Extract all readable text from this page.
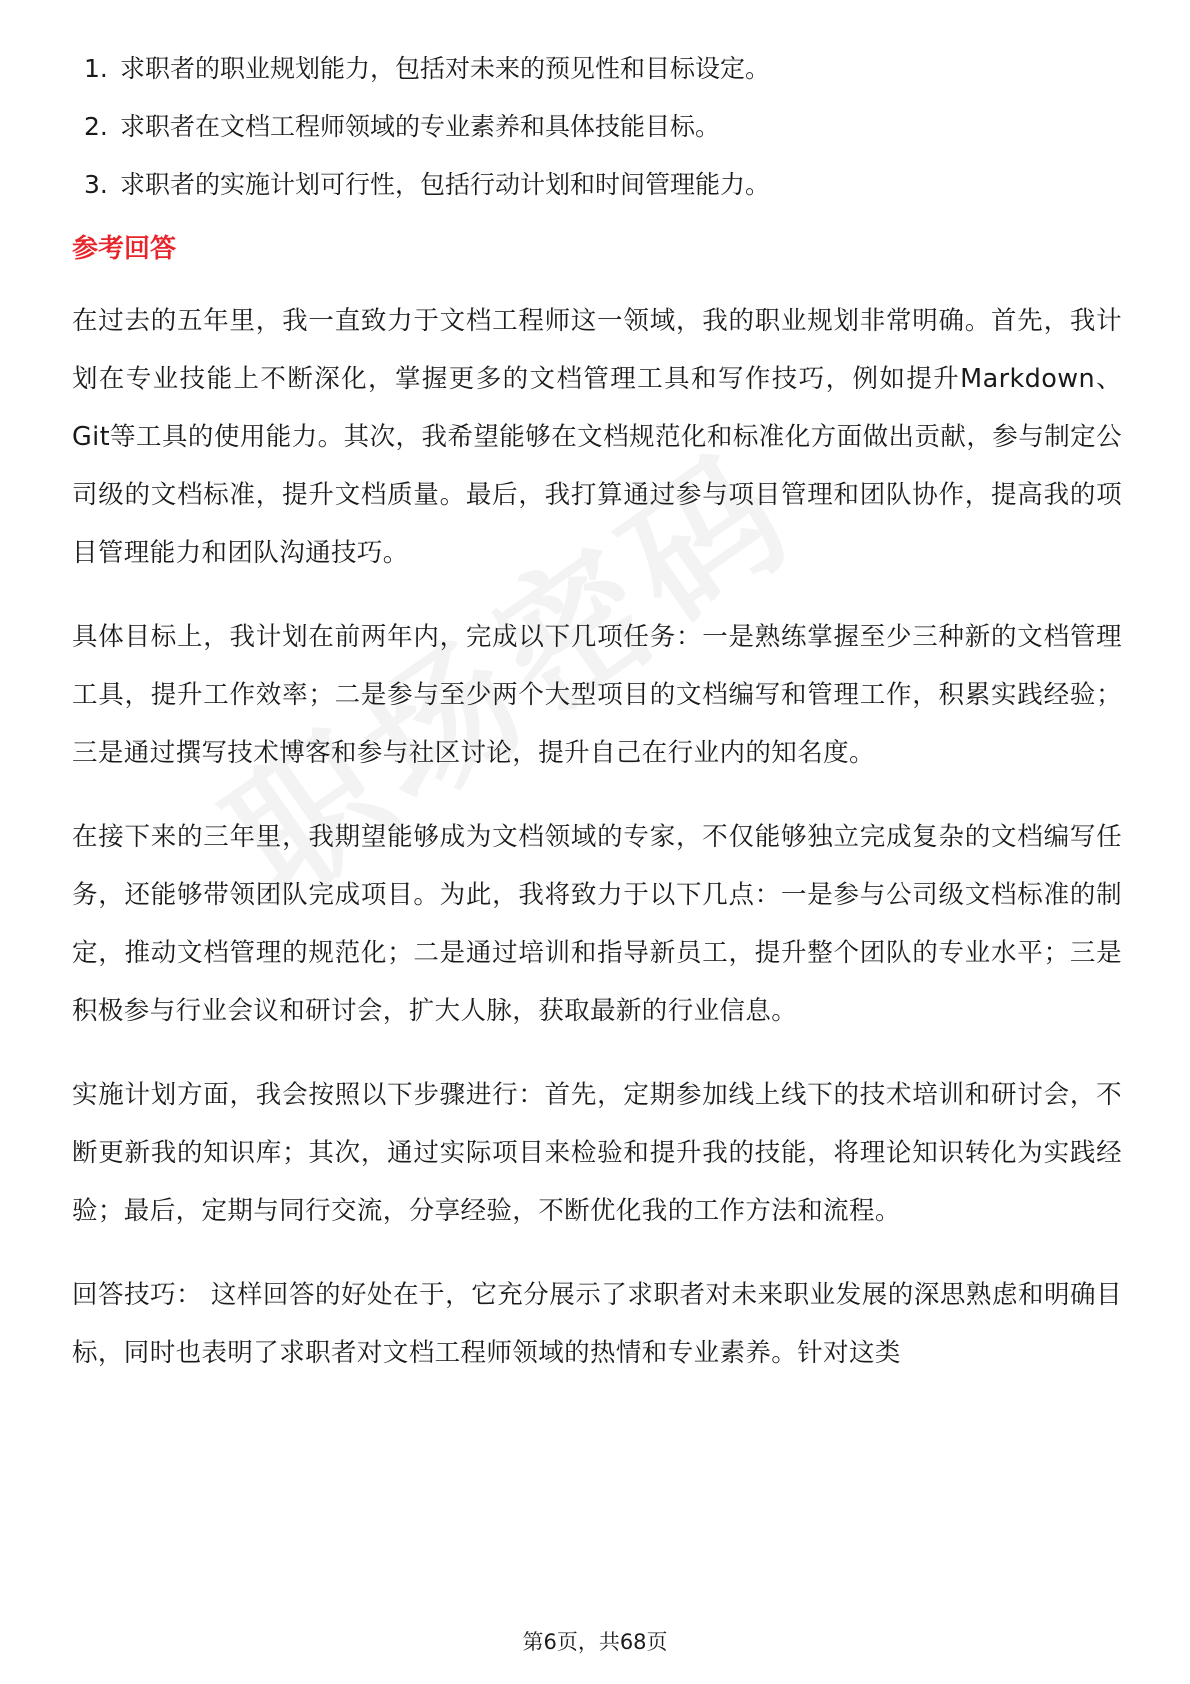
1. 求职者的职业规划能力，包括对未来的预见性和目标设定。
2. 求职者在文档工程师领域的专业素养和具体技能目标。
3. 求职者的实施计划可行性，包括行动计划和时间管理能力。
参考回答

在过去的五年里，我一直致力于文档工程师这一领域，我的职业规划非常明确。首先，我计划在专业技能上不断深化，掌握更多的文档管理工具和写作技巧，例如提升Markdown、Git等工具的使用能力。其次，我希望能够在文档规范化和标准化方面做出贡献，参与制定公司级的文档标准，提升文档质量。最后，我打算通过参与项目管理和团队协作，提高我的项目管理能力和团队沟通技巧。

具体目标上，我计划在前两年内，完成以下几项任务：一是熟练掌握至少三种新的文档管理工具，提升工作效率；二是参与至少两个大型项目的文档编写和管理工作，积累实践经验；三是通过撰写技术博客和参与社区讨论，提升自己在行业内的知名度。

在接下来的三年里，我期望能够成为文档领域的专家，不仅能够独立完成复杂的文档编写任务，还能够带领团队完成项目。为此，我将致力于以下几点：一是参与公司级文档标准的制定，推动文档管理的规范化；二是通过培训和指导新员工，提升整个团队的专业水平；三是积极参与行业会议和研讨会，扩大人脉，获取最新的行业信息。

实施计划方面，我会按照以下步骤进行：首先，定期参加线上线下的技术培训和研讨会，不断更新我的知识库；其次，通过实际项目来检验和提升我的技能，将理论知识转化为实践经验；最后，定期与同行交流，分享经验，不断优化我的工作方法和流程。

回答技巧： 这样回答的好处在于，它充分展示了求职者对未来职业发展的深思熟虑和明确目标，同时也表明了求职者对文档工程师领域的热情和专业素养。针对这类

第6页，共68页
